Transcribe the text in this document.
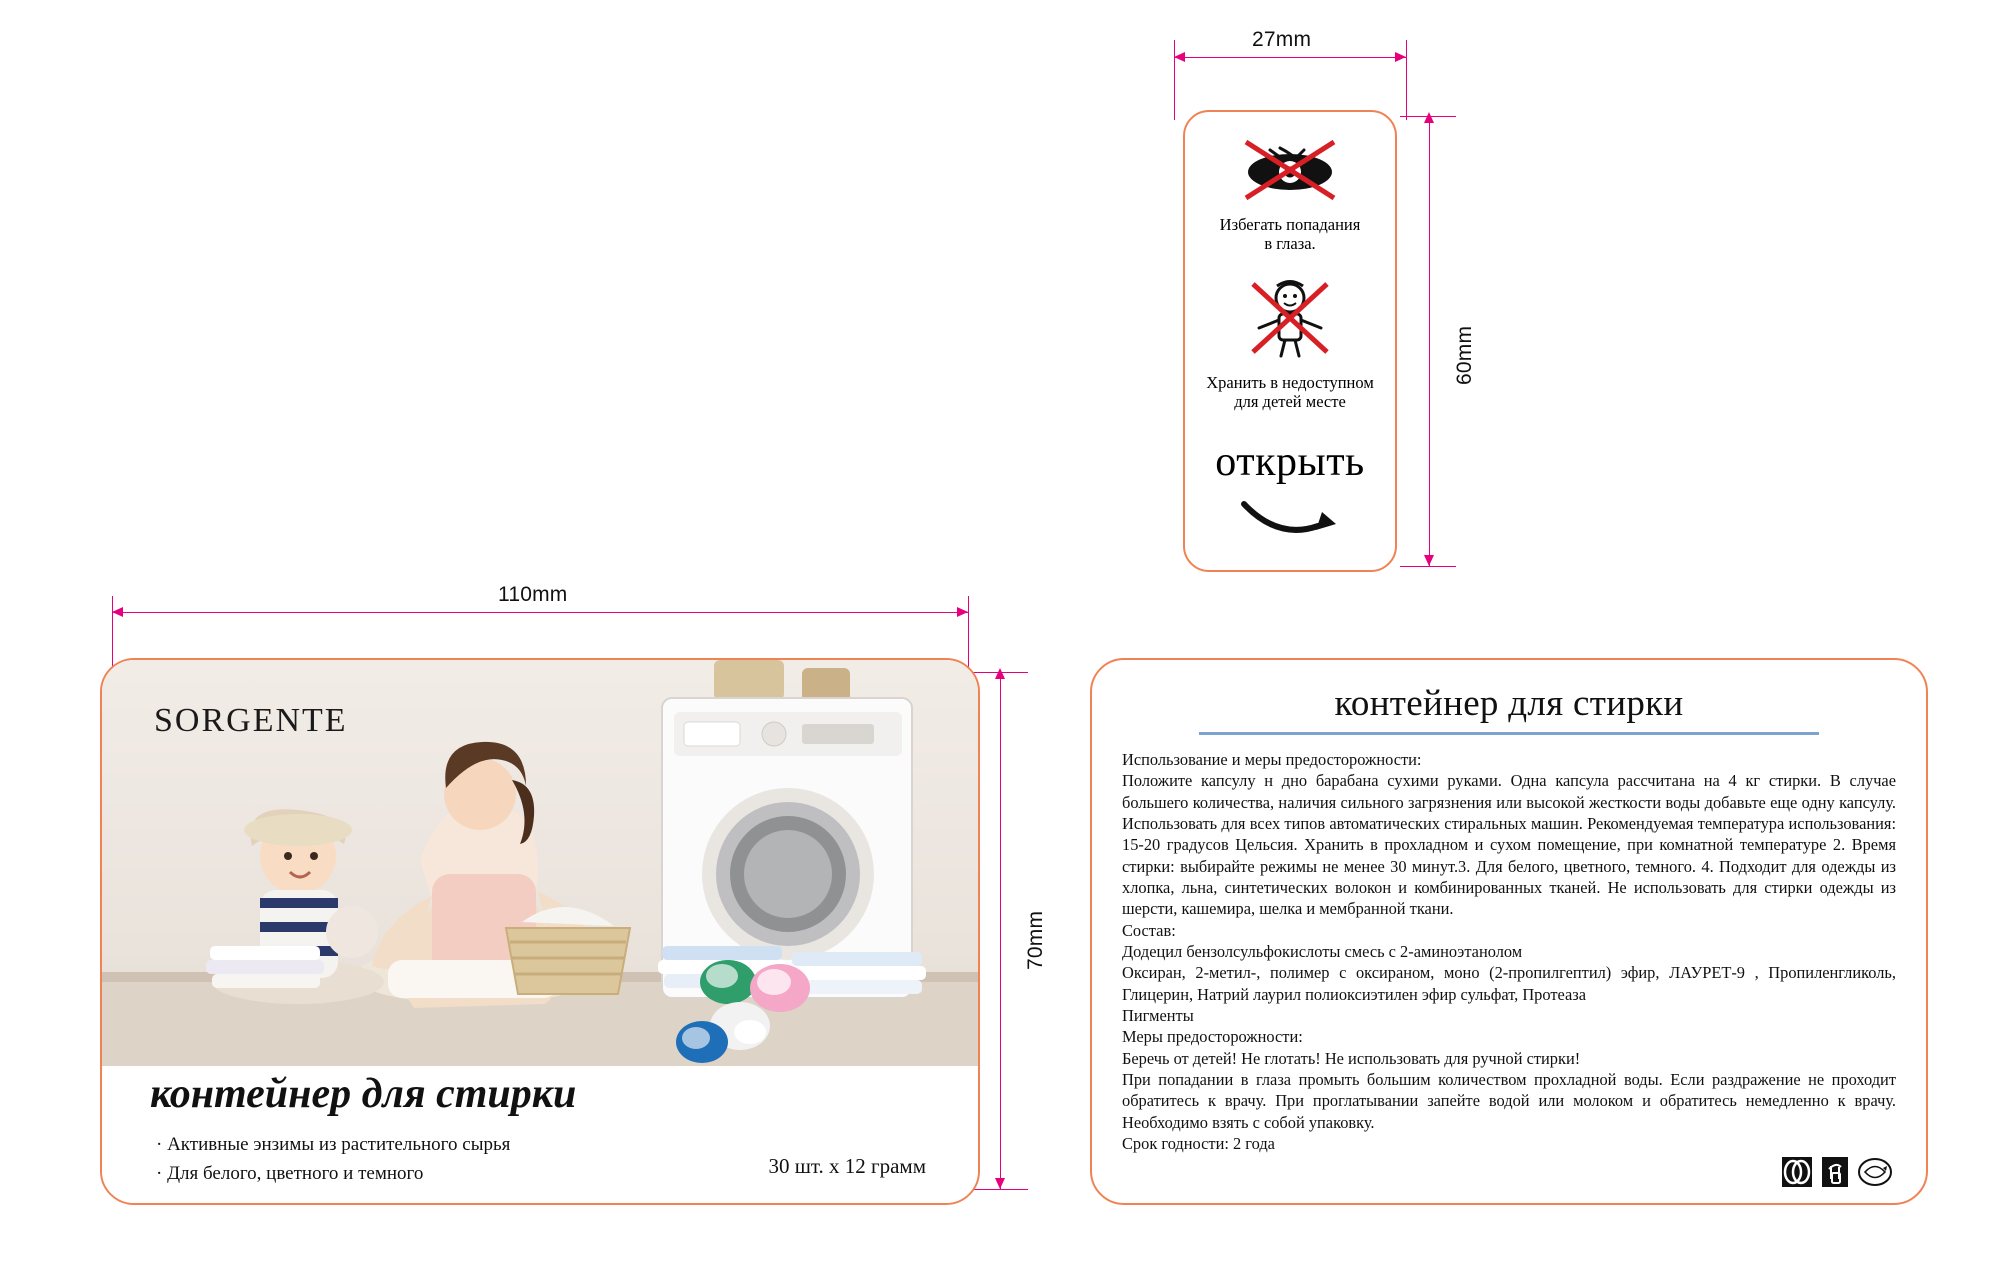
27mm
60mm
Избегать попадания
в глаза.
Хранить в недоступном
для детей месте
открыть
110mm
70mm
SORGENTE
контейнер для стирки
· Активные энзимы из растительного сырья
· Для белого, цветного и темного	30 шт. х 12 грамм
контейнер для стирки

Использование и меры предосторожности:

Положите капсулу н дно барабана сухими руками. Одна капсула рассчитана на 4 кг стирки. В случае большего количества, наличия сильного загрязнения или высокой жесткости воды добавьте еще одну капсулу. Использовать для всех типов автоматических стиральных машин. Рекомендуемая температура использования: 15-20 градусов Цельсия. Хранить в прохладном и сухом помещение, при комнатной температуре 2. Время стирки: выбирайте режимы не менее 30 минут.3. Для белого, цветного, темного. 4. Подходит для одежды из хлопка, льна, синтетических волокон и комбинированных тканей. Не использовать для стирки одежды из шерсти, кашемира, шелка и мембранной ткани.

Состав:

Додецил бензолсульфокислоты смесь с 2-аминоэтанолом

Оксиран, 2-метил-, полимер с оксираном, моно (2-пропилгептил) эфир, ЛАУРЕТ-9 , Пропиленгликоль, Глицерин, Натрий лаурил полиоксиэтилен эфир сульфат, Протеаза

Пигменты

Меры предосторожности:

Беречь от детей! Не глотать! Не использовать для ручной стирки!

При попадании в глаза промыть большим количеством прохладной воды. Если раздражение не проходит обратитесь к врачу. При проглатывании запейте водой или молоком и обратитесь немедленно к врачу. Необходимо взять с собой упаковку.

Срок годности: 2 года
